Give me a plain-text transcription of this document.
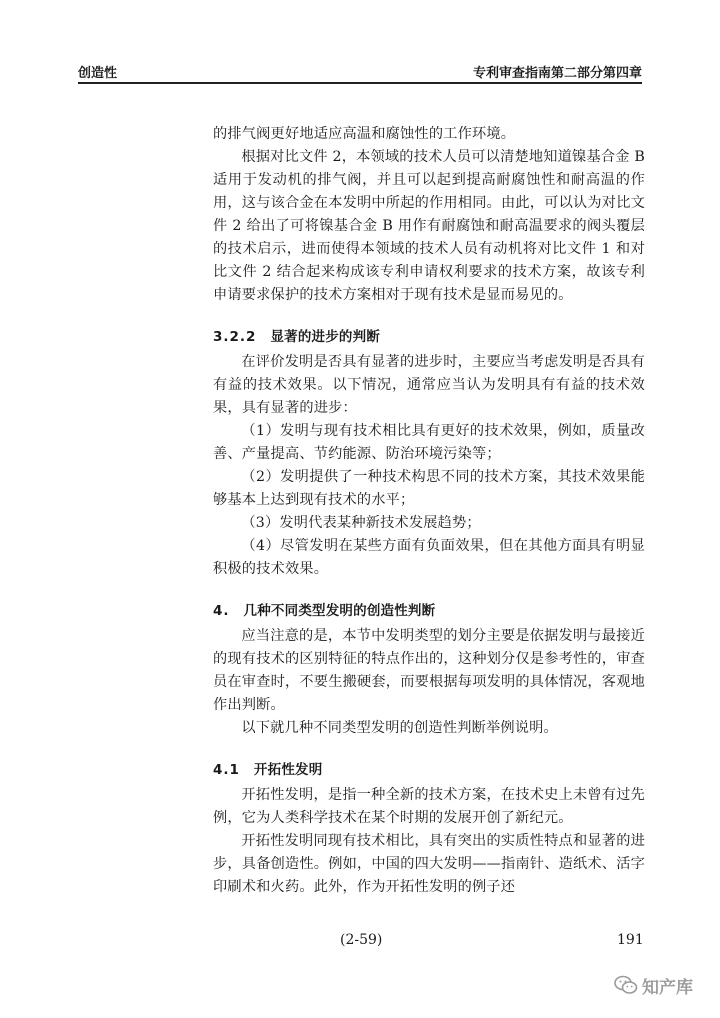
创造性	专利审查指南第二部分第四章

的排气阀更好地适应高温和腐蚀性的工作环境。

根据对比文件 2，本领域的技术人员可以清楚地知道镍基合金 B 适用于发动机的排气阀，并且可以起到提高耐腐蚀性和耐高温的作用，这与该合金在本发明中所起的作用相同。由此，可以认为对比文件 2 给出了可将镍基合金 B 用作有耐腐蚀和耐高温要求的阀头覆层的技术启示，进而使得本领域的技术人员有动机将对比文件 1 和对比文件 2 结合起来构成该专利申请权利要求的技术方案，故该专利申请要求保护的技术方案相对于现有技术是显而易见的。

3.2.2 显著的进步的判断

在评价发明是否具有显著的进步时，主要应当考虑发明是否具有有益的技术效果。以下情况，通常应当认为发明具有有益的技术效果，具有显著的进步：

（1）发明与现有技术相比具有更好的技术效果，例如，质量改善、产量提高、节约能源、防治环境污染等；

（2）发明提供了一种技术构思不同的技术方案，其技术效果能够基本上达到现有技术的水平；

（3）发明代表某种新技术发展趋势；

（4）尽管发明在某些方面有负面效果，但在其他方面具有明显积极的技术效果。

4. 几种不同类型发明的创造性判断

应当注意的是，本节中发明类型的划分主要是依据发明与最接近的现有技术的区别特征的特点作出的，这种划分仅是参考性的，审查员在审查时，不要生搬硬套，而要根据每项发明的具体情况，客观地作出判断。

以下就几种不同类型发明的创造性判断举例说明。

4.1 开拓性发明

开拓性发明，是指一种全新的技术方案，在技术史上未曾有过先例，它为人类科学技术在某个时期的发展开创了新纪元。

开拓性发明同现有技术相比，具有突出的实质性特点和显著的进步，具备创造性。例如，中国的四大发明——指南针、造纸术、活字印刷术和火药。此外，作为开拓性发明的例子还

(2-59)	191
知产库
